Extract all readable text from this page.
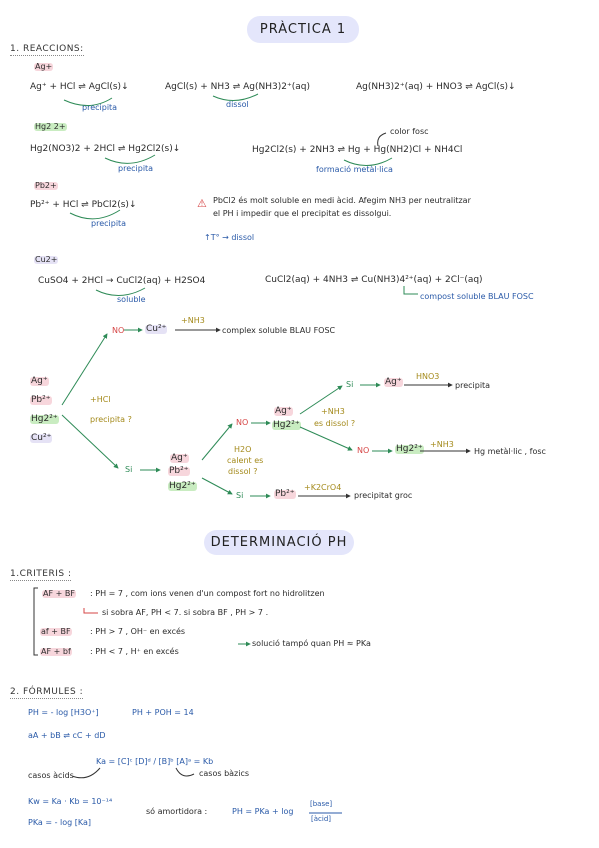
PRÀCTICA 1
1. REACCIONS:
Ag+
Ag⁺ + HCl ⇌ AgCl(s)↓
precipita
AgCl(s) + NH3 ⇌ Ag(NH3)2⁺(aq)
dissol
Ag(NH3)2⁺(aq) + HNO3 ⇌ AgCl(s)↓
Hg2 2+
Hg2(NO3)2 + 2HCl ⇌ Hg2Cl2(s)↓
precipita
Hg2Cl2(s) + 2NH3 ⇌ Hg + Hg(NH2)Cl + NH4Cl
formació metàl·lica
color fosc
Pb2+
Pb²⁺ + HCl ⇌ PbCl2(s)↓
precipita
⚠ PbCl2 és molt soluble en medi àcid. Afegim NH3 per neutralitzar
el PH i impedir que el precipitat es dissolgui.
↑T° → dissol
Cu2+
CuSO4 + 2HCl → CuCl2(aq) + H2SO4
soluble
CuCl2(aq) + 4NH3 ⇌ Cu(NH3)4²⁺(aq) + 2Cl⁻(aq)
compost soluble BLAU FOSC
Ag⁺
Pb²⁺
Hg2²⁺
Cu²⁺
+HCl
precipita ?
NO Cu²⁺
+NH3
complex soluble BLAU FOSC
Si
Ag⁺
Pb²⁺
Hg2²⁺
H2O
calent es
dissol ?
NO
Ag⁺
Hg2²⁺
+NH3
es dissol ?
Si	Ag⁺
HNO3
precipita
NO	Hg2²⁺ +NH3
Hg metàl·lic , fosc
Si	Pb²⁺
+K2CrO4
precipitat groc
DETERMINACIÓ PH
1.CRITERIS :
AF + BF : PH = 7 , com ions venen d'un compost fort no hidrolitzen
si sobra AF, PH < 7. si sobra BF , PH > 7 .
af + BF : PH > 7 , OH⁻ en excés
AF + bf : PH < 7 , H⁺ en excés
solució tampó quan PH ≈ PKa
2. FÓRMULES :
PH = - log [H3O⁺]	PH + POH = 14
aA + bB ⇌ cC + dD
Ka = [C]ᶜ [D]ᵈ / [B]ᵇ [A]ᵃ = Kb
casos àcids	casos bàzics
Kw = Ka · Kb = 10⁻¹⁴
PKa = - log [Ka]
só amortidora :	PH = PKa + log
[base]
[àcid]
